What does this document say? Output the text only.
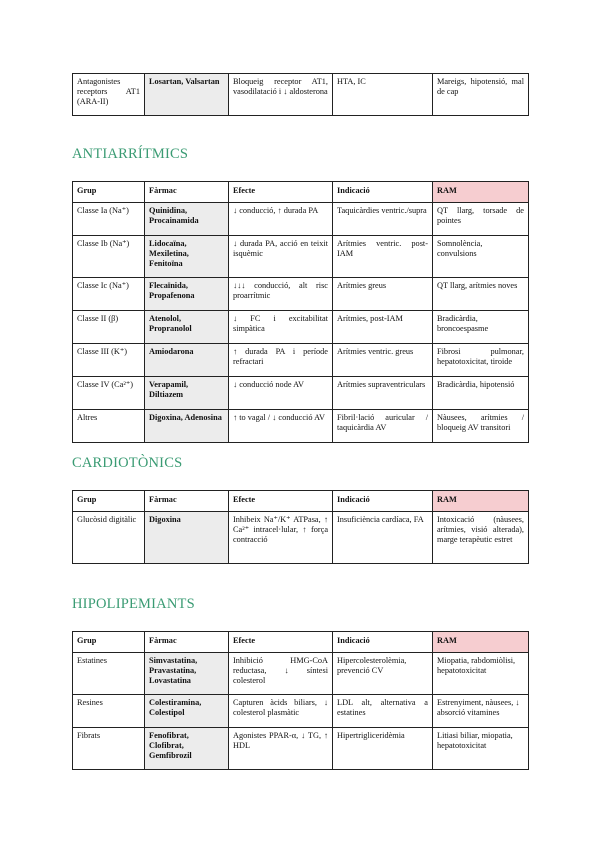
Antagonistes receptors AT1 (ARA-II)	Losartan, Valsartan	Bloqueig receptor AT1, vasodilatació i ↓ aldosterona	HTA, IC	Mareigs, hipotensió, mal de cap
ANTIARRÍTMICS
Grup	Fàrmac	Efecte	Indicació	RAM
Classe Ia (Na⁺)	Quinidina, Procainamida	↓ conducció, ↑ durada PA	Taquicàrdies ventric./supra	QT llarg, torsade de pointes
Classe Ib (Na⁺)	Lidocaïna, Mexiletina, Fenitoïna	↓ durada PA, acció en teixit isquèmic	Arítmies ventric. post-IAM	Somnolència, convulsions
Classe Ic (Na⁺)	Flecaïnida, Propafenona	↓↓↓ conducció, alt risc proarrítmic	Arítmies greus	QT llarg, arítmies noves
Classe II (β)	Atenolol, Propranolol	↓ FC i excitabilitat simpàtica	Arítmies, post-IAM	Bradicàrdia, broncoespasme
Classe III (K⁺)	Amiodarona	↑ durada PA i període refractari	Arítmies ventric. greus	Fibrosi pulmonar, hepatotoxicitat, tiroide
Classe IV (Ca²⁺)	Verapamil, Diltiazem	↓ conducció node AV	Arítmies supraventriculars	Bradicàrdia, hipotensió
Altres	Digoxina, Adenosina	↑ to vagal / ↓ conducció AV	Fibril·lació auricular / taquicàrdia AV	Nàusees, arítmies / bloqueig AV transitori
CARDIOTÒNICS
Grup	Fàrmac	Efecte	Indicació	RAM
Glucòsid digitàlic	Digoxina	Inhibeix Na⁺/K⁺ ATPasa, ↑ Ca²⁺ intracel·lular, ↑ força contracció	Insuficiència cardíaca, FA	Intoxicació (nàusees, arítmies, visió alterada), marge terapèutic estret
HIPOLIPEMIANTS
Grup	Fàrmac	Efecte	Indicació	RAM
Estatines	Simvastatina, Pravastatina, Lovastatina	Inhibició HMG-CoA reductasa, ↓ síntesi colesterol	Hipercolesterolèmia, prevenció CV	Miopatia, rabdomiòlisi, hepatotoxicitat
Resines	Colestiramina, Colestipol	Capturen àcids biliars, ↓ colesterol plasmàtic	LDL alt, alternativa a estatines	Estrenyiment, nàusees, ↓ absorció vitamines
Fibrats	Fenofibrat, Clofibrat, Gemfibrozil	Agonistes PPAR-α, ↓ TG, ↑ HDL	Hipertrigliceridèmia	Litiasi biliar, miopatia, hepatotoxicitat
